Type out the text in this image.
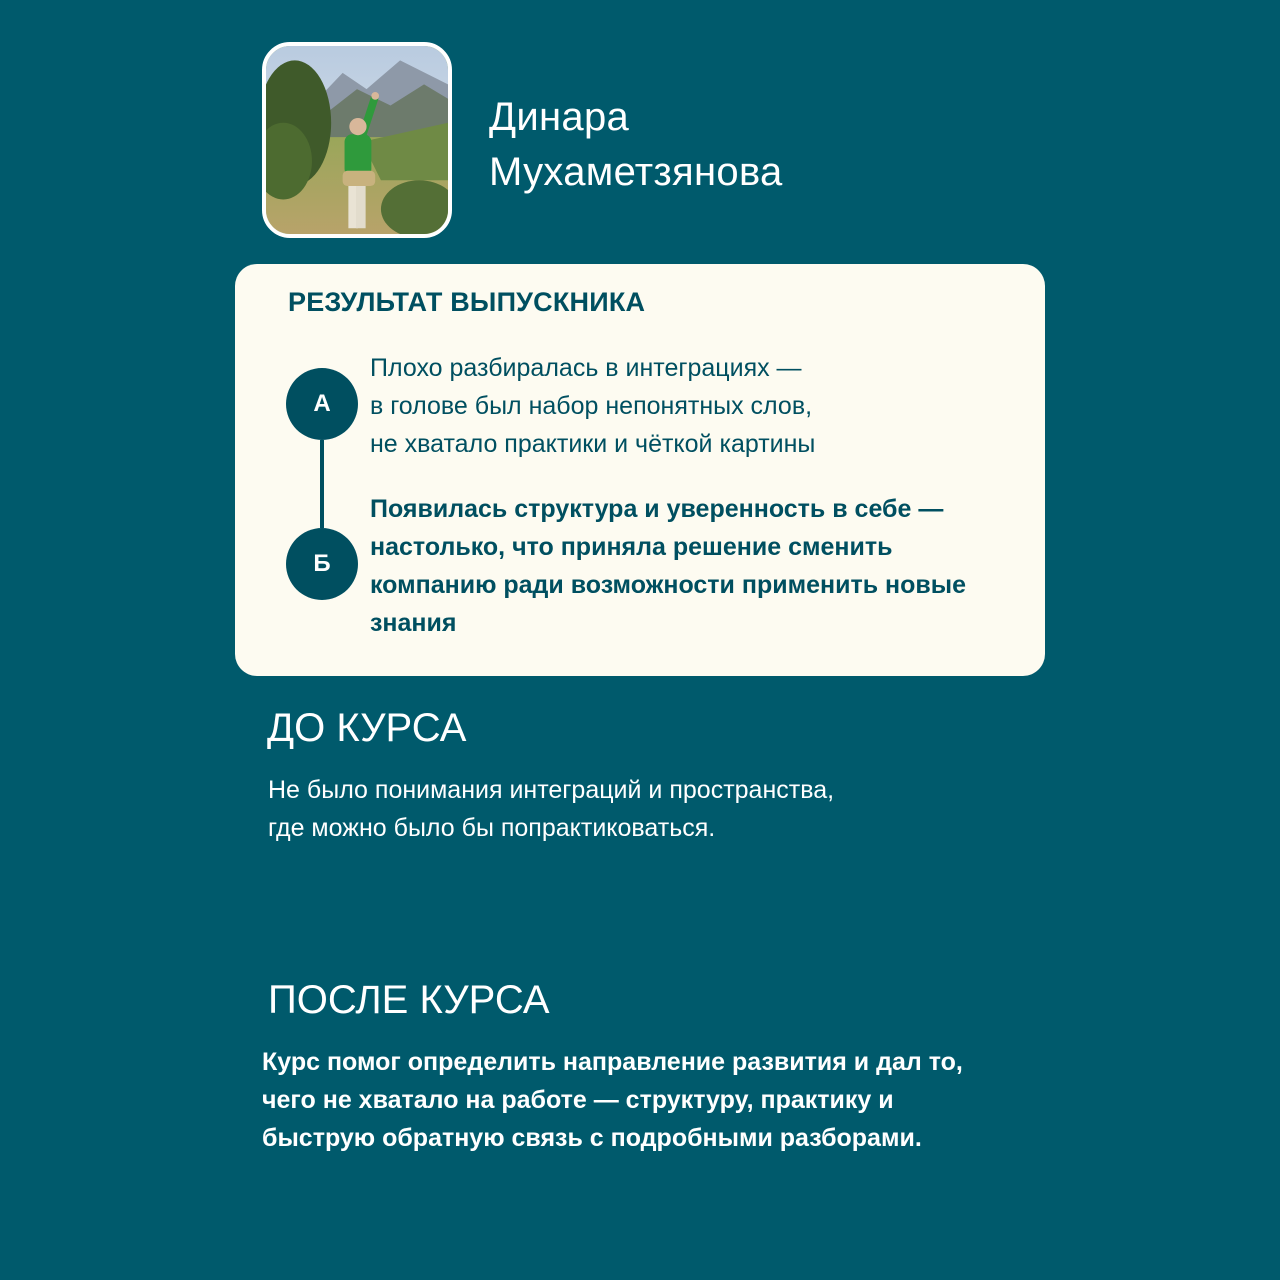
Динара
Мухаметзянова
РЕЗУЛЬТАТ ВЫПУСКНИКА
А
Б
Плохо разбиралась в интеграциях —
в голове был набор непонятных слов,
не хватало практики и чёткой картины
Появилась структура и уверенность в себе —
настолько, что приняла решение сменить
компанию ради возможности применить новые
знания
ДО КУРСА
Не было понимания интеграций и пространства,
где можно было бы попрактиковаться.
ПОСЛЕ КУРСА
Курс помог определить направление развития и дал то,
чего не хватало на работе — структуру, практику и
быструю обратную связь с подробными разборами.
